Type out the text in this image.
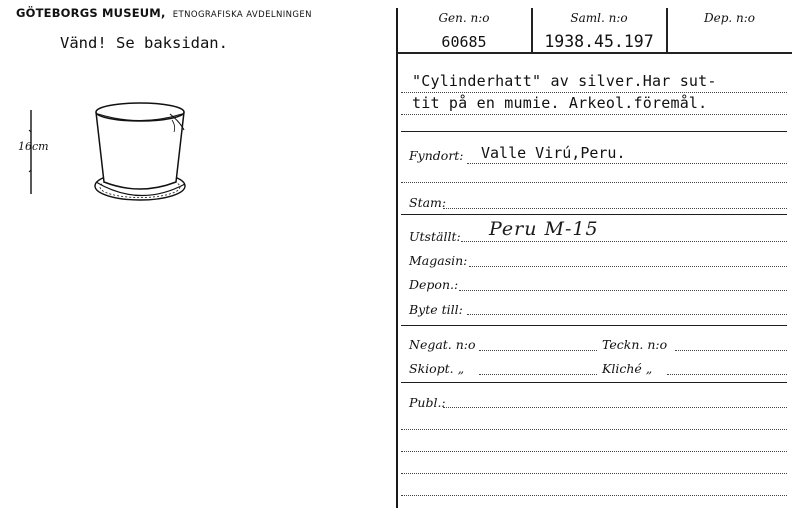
GÖTEBORGS MUSEUM, ETNOGRAFISKA AVDELNINGEN
Vänd! Se baksidan.
16cm
Gen. n:o
60685
Saml. n:o
1938.45.197
Dep. n:o
"Cylinderhatt" av silver.Har sut-
tit på en mumie. Arkeol.föremål.
Fyndort: Valle Virú,Peru.
Stam:
Utställt: Peru M-15
Magasin:
Depon.:
Byte till:
Negat. n:o	Teckn. n:o
Skiopt. „	Kliché „
Publ.:
